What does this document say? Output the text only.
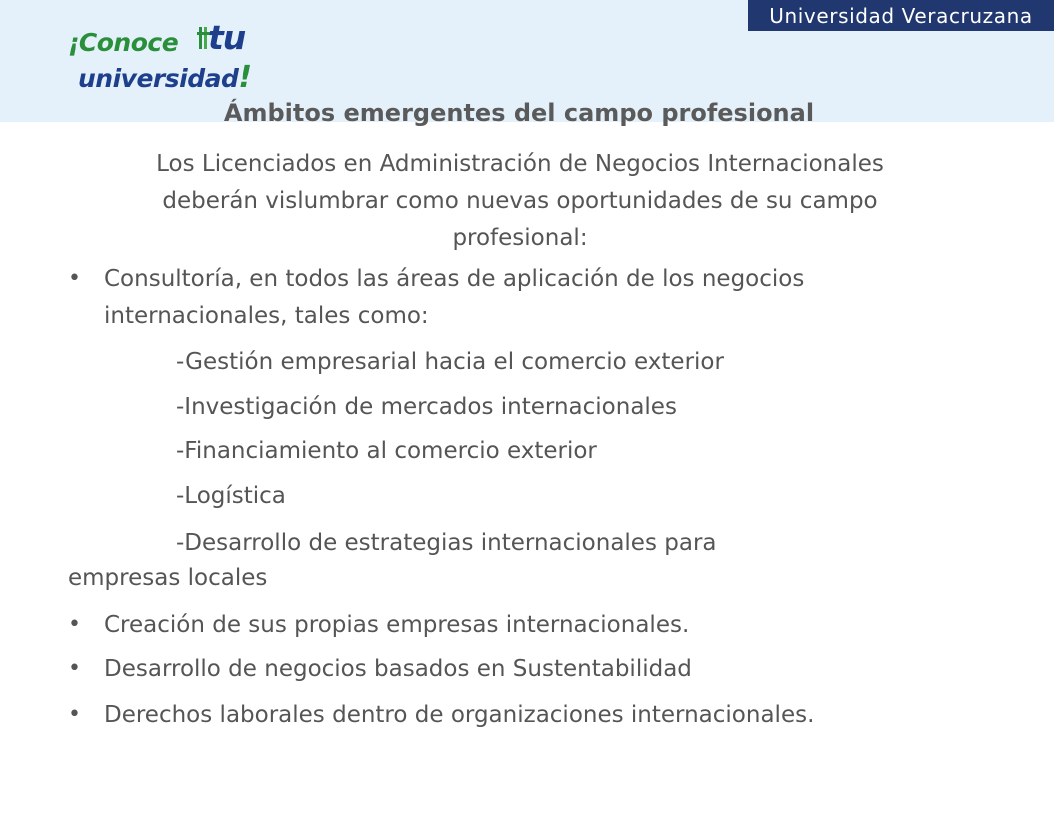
Universidad Veracruzana
¡Conoce tu
universidad!
Ámbitos emergentes del campo profesional
Los Licenciados en Administración de Negocios Internacionales
deberán vislumbrar como nuevas oportunidades de su campo
profesional:
• Consultoría, en todos las áreas de aplicación de los negocios
internacionales, tales como:
-Gestión empresarial hacia el comercio exterior
-Investigación de mercados internacionales
-Financiamiento al comercio exterior
-Logística
-Desarrollo de estrategias internacionales para
empresas locales
• Creación de sus propias empresas internacionales.
• Desarrollo de negocios basados en Sustentabilidad
• Derechos laborales dentro de organizaciones internacionales.
